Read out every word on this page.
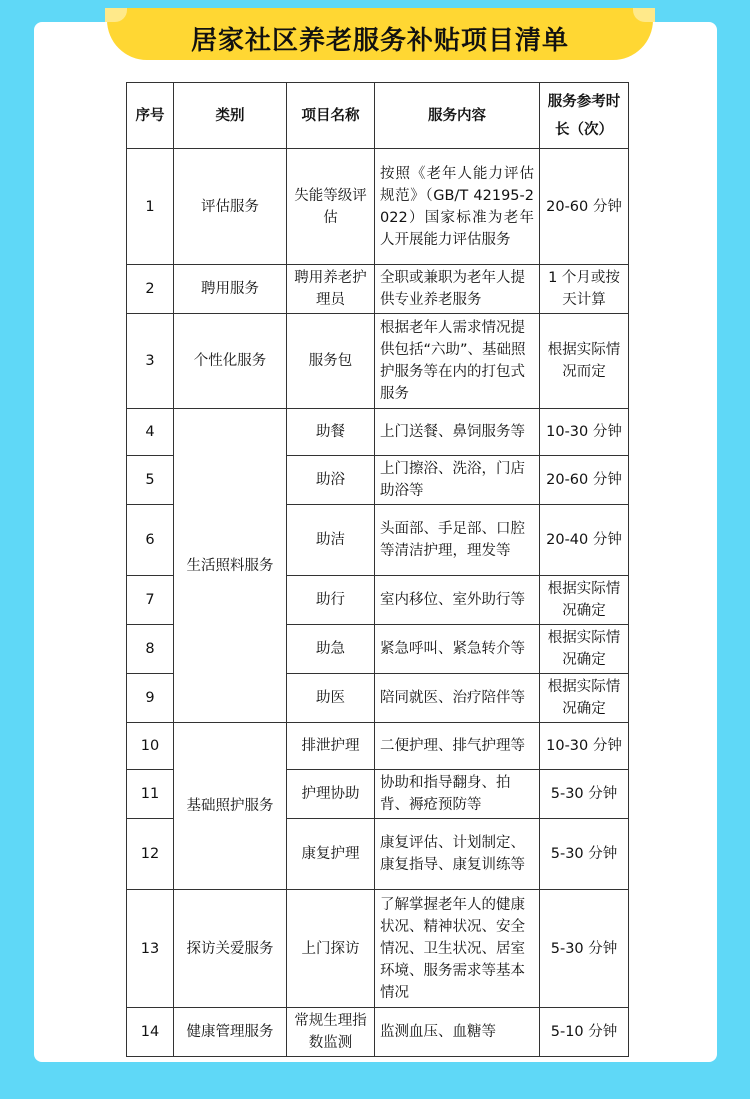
居家社区养老服务补贴项目清单
序号	类别	项目名称	服务内容	服务参考时长（次）
1	评估服务	失能等级评估	按照《老年人能力评估规范》（GB/T 42195-2022）国家标准为老年人开展能力评估服务	20-60 分钟
2	聘用服务	聘用养老护理员	全职或兼职为老年人提供专业养老服务	1 个月或按天计算
3	个性化服务	服务包	根据老年人需求情况提供包括“六助”、基础照护服务等在内的打包式服务	根据实际情况而定
4	生活照料服务	助餐	上门送餐、鼻饲服务等	10-30 分钟
5		助浴	上门擦浴、洗浴，门店助浴等	20-60 分钟
6		助洁	头面部、手足部、口腔等清洁护理，理发等	20-40 分钟
7		助行	室内移位、室外助行等	根据实际情况确定
8		助急	紧急呼叫、紧急转介等	根据实际情况确定
9		助医	陪同就医、治疗陪伴等	根据实际情况确定
10	基础照护服务	排泄护理	二便护理、排气护理等	10-30 分钟
11		护理协助	协助和指导翻身、拍背、褥疮预防等	5-30 分钟
12		康复护理	康复评估、计划制定、康复指导、康复训练等	5-30 分钟
13	探访关爱服务	上门探访	了解掌握老年人的健康状况、精神状况、安全情况、卫生状况、居室环境、服务需求等基本情况	5-30 分钟
14	健康管理服务	常规生理指数监测	监测血压、血糖等	5-10 分钟
